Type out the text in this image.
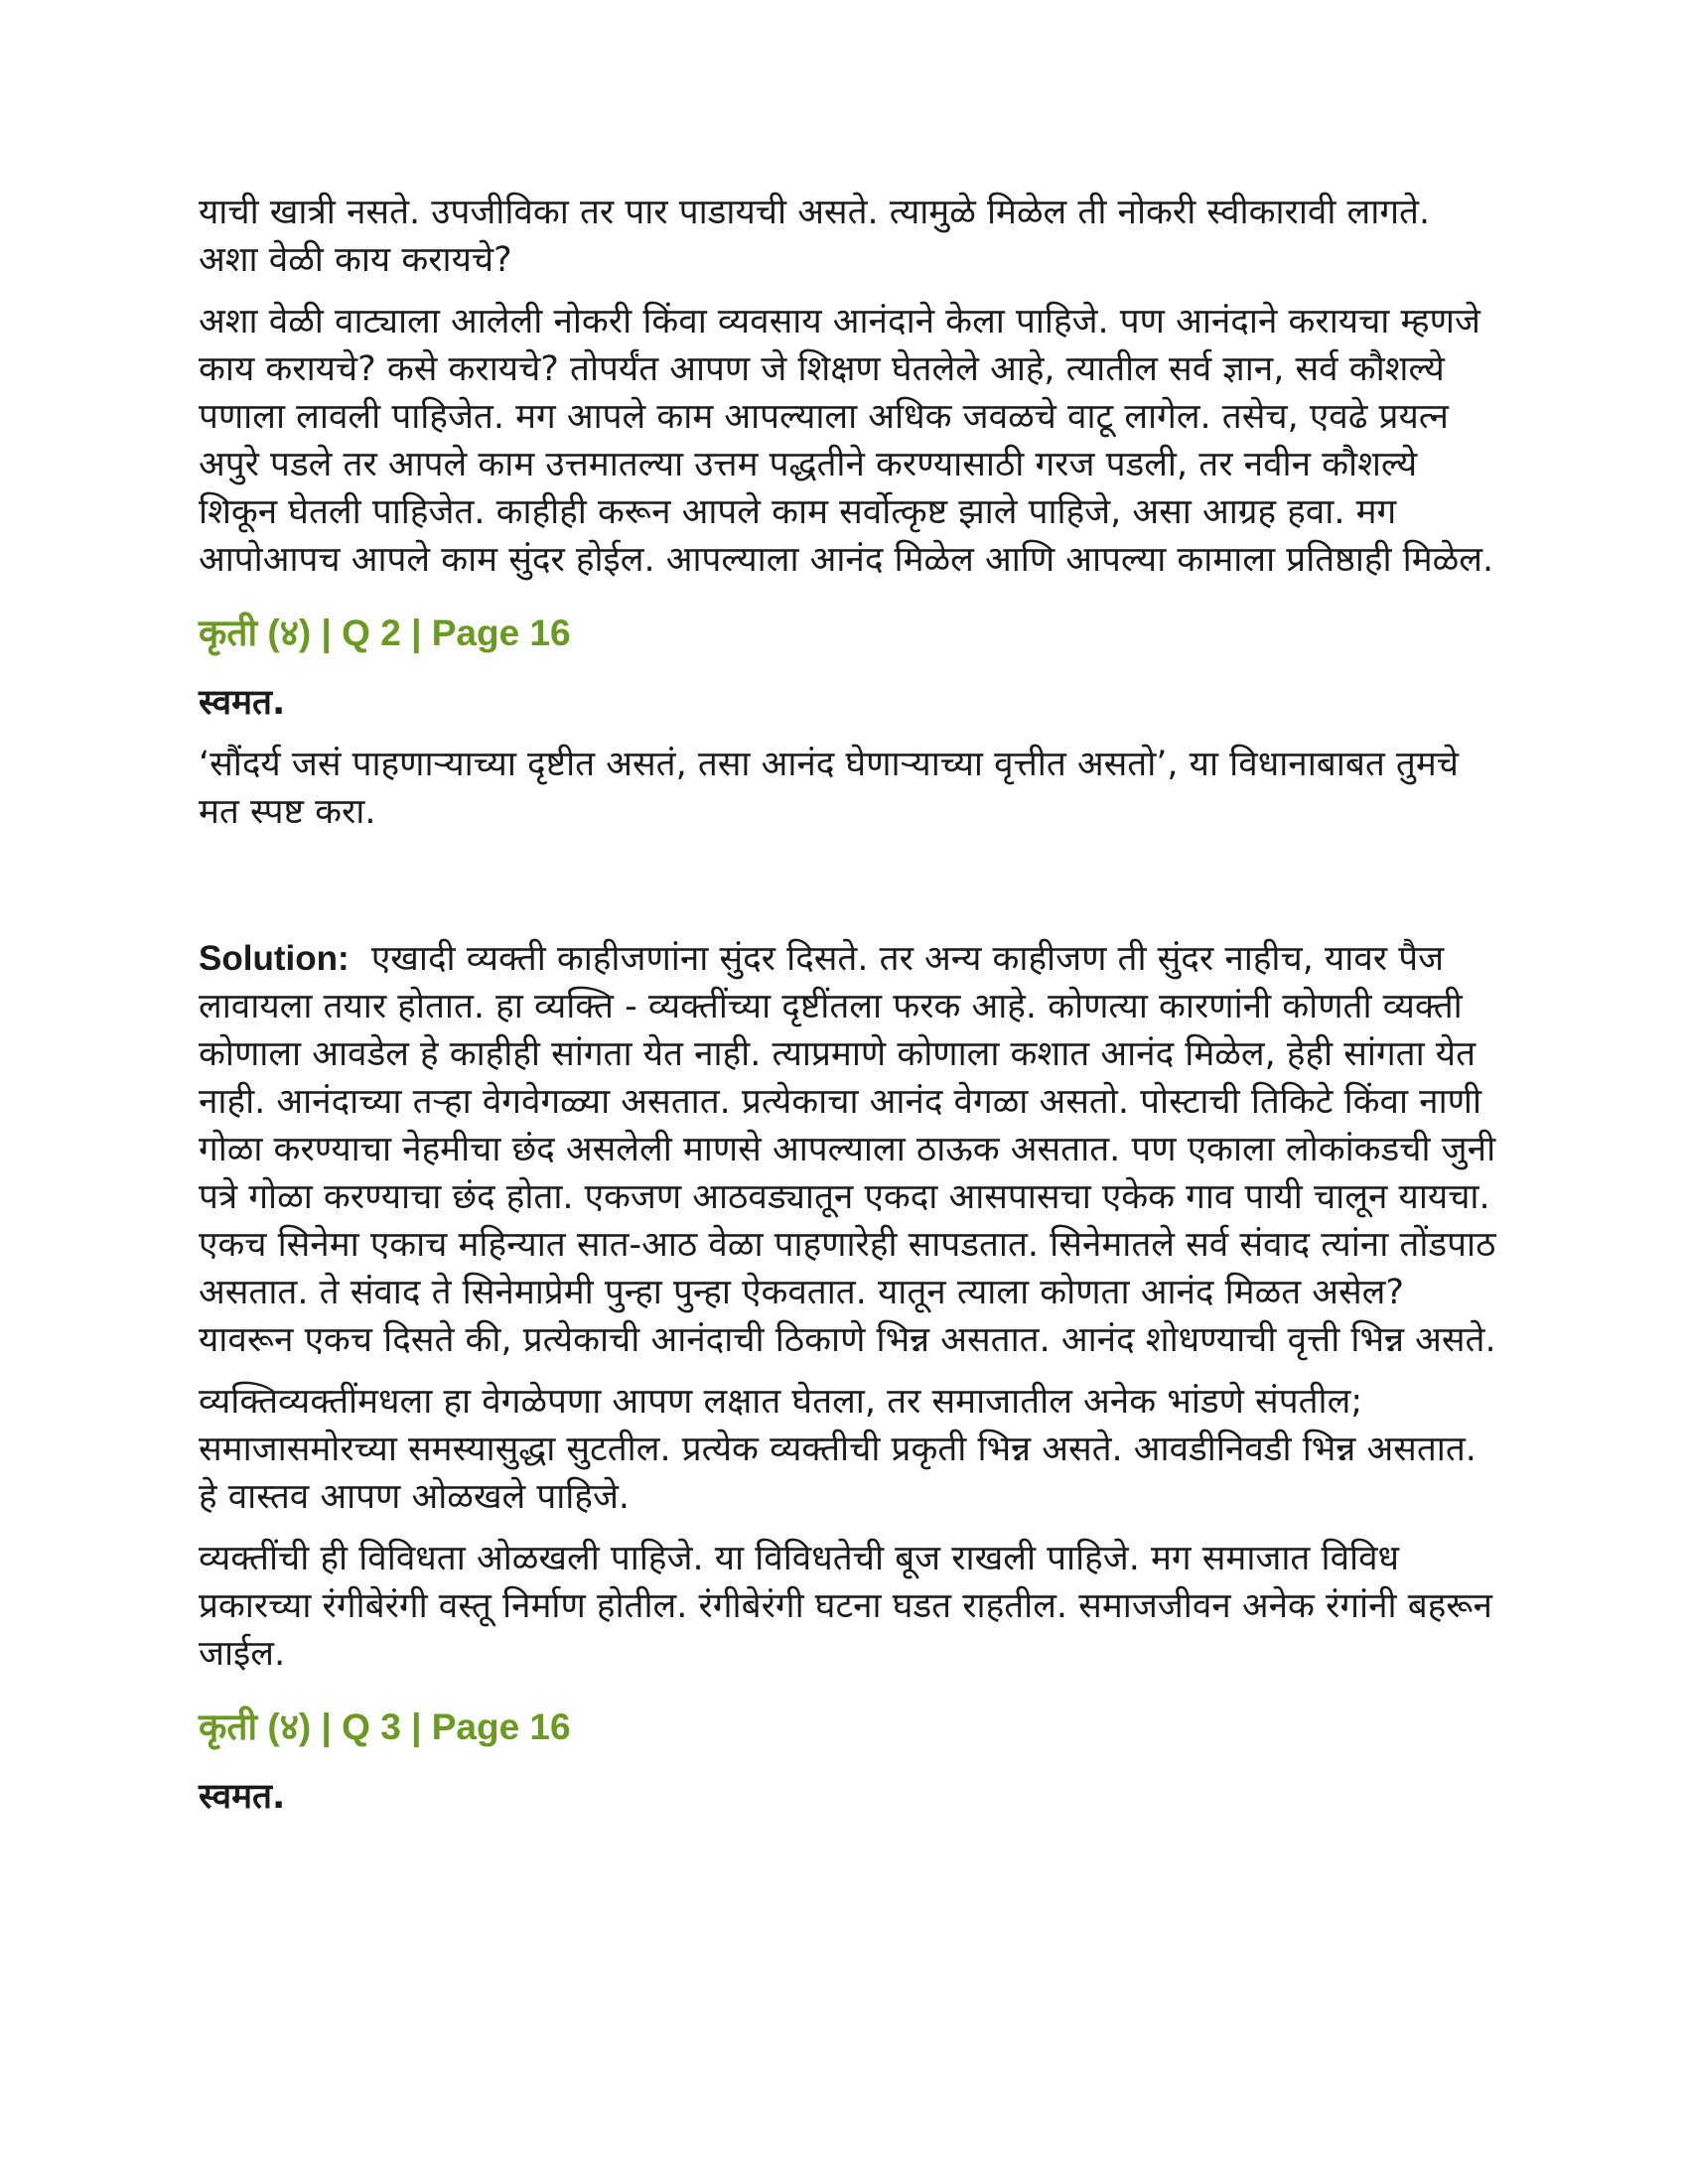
याची खात्री नसते. उपजीविका तर पार पाडायची असते. त्यामुळे मिळेल ती नोकरी स्वीकारावी लागते. अशा वेळी काय करायचे?

अशा वेळी वाट्याला आलेली नोकरी किंवा व्यवसाय आनंदाने केला पाहिजे. पण आनंदाने करायचा म्हणजे काय करायचे? कसे करायचे? तोपर्यंत आपण जे शिक्षण घेतलेले आहे, त्यातील सर्व ज्ञान, सर्व कौशल्ये पणाला लावली पाहिजेत. मग आपले काम आपल्याला अधिक जवळचे वाटू लागेल. तसेच, एवढे प्रयत्न अपुरे पडले तर आपले काम उत्तमातल्या उत्तम पद्धतीने करण्यासाठी गरज पडली, तर नवीन कौशल्ये शिकून घेतली पाहिजेत. काहीही करून आपले काम सर्वोत्कृष्ट झाले पाहिजे, असा आग्रह हवा. मग आपोआपच आपले काम सुंदर होईल. आपल्याला आनंद मिळेल आणि आपल्या कामाला प्रतिष्ठाही मिळेल.

कृती (४) | Q 2 | Page 16
स्वमत.

‘सौंदर्य जसं पाहणाऱ्याच्या दृष्टीत असतं, तसा आनंद घेणाऱ्याच्या वृत्तीत असतो’, या विधानाबाबत तुमचे मत स्पष्ट करा.

Solution: एखादी व्यक्ती काहीजणांना सुंदर दिसते. तर अन्य काहीजण ती सुंदर नाहीच, यावर पैज लावायला तयार होतात. हा व्यक्ति - व्यक्तींच्या दृष्टींतला फरक आहे. कोणत्या कारणांनी कोणती व्यक्ती कोणाला आवडेल हे काहीही सांगता येत नाही. त्याप्रमाणे कोणाला कशात आनंद मिळेल, हेही सांगता येत नाही. आनंदाच्या तऱ्हा वेगवेगळ्या असतात. प्रत्येकाचा आनंद वेगळा असतो. पोस्टाची तिकिटे किंवा नाणी गोळा करण्याचा नेहमीचा छंद असलेली माणसे आपल्याला ठाऊक असतात. पण एकाला लोकांकडची जुनी पत्रे गोळा करण्याचा छंद होता. एकजण आठवड्यातून एकदा आसपासचा एकेक गाव पायी चालून यायचा. एकच सिनेमा एकाच महिन्यात सात-आठ वेळा पाहणारेही सापडतात. सिनेमातले सर्व संवाद त्यांना तोंडपाठ असतात. ते संवाद ते सिनेमाप्रेमी पुन्हा पुन्हा ऐकवतात. यातून त्याला कोणता आनंद मिळत असेल? यावरून एकच दिसते की, प्रत्येकाची आनंदाची ठिकाणे भिन्न असतात. आनंद शोधण्याची वृत्ती भिन्न असते.

व्यक्तिव्यक्तींमधला हा वेगळेपणा आपण लक्षात घेतला, तर समाजातील अनेक भांडणे संपतील; समाजासमोरच्या समस्यासुद्धा सुटतील. प्रत्येक व्यक्तीची प्रकृती भिन्न असते. आवडीनिवडी भिन्न असतात. हे वास्तव आपण ओळखले पाहिजे.

व्यक्तींची ही विविधता ओळखली पाहिजे. या विविधतेची बूज राखली पाहिजे. मग समाजात विविध प्रकारच्या रंगीबेरंगी वस्तू निर्माण होतील. रंगीबेरंगी घटना घडत राहतील. समाजजीवन अनेक रंगांनी बहरून जाईल.

कृती (४) | Q 3 | Page 16
स्वमत.
